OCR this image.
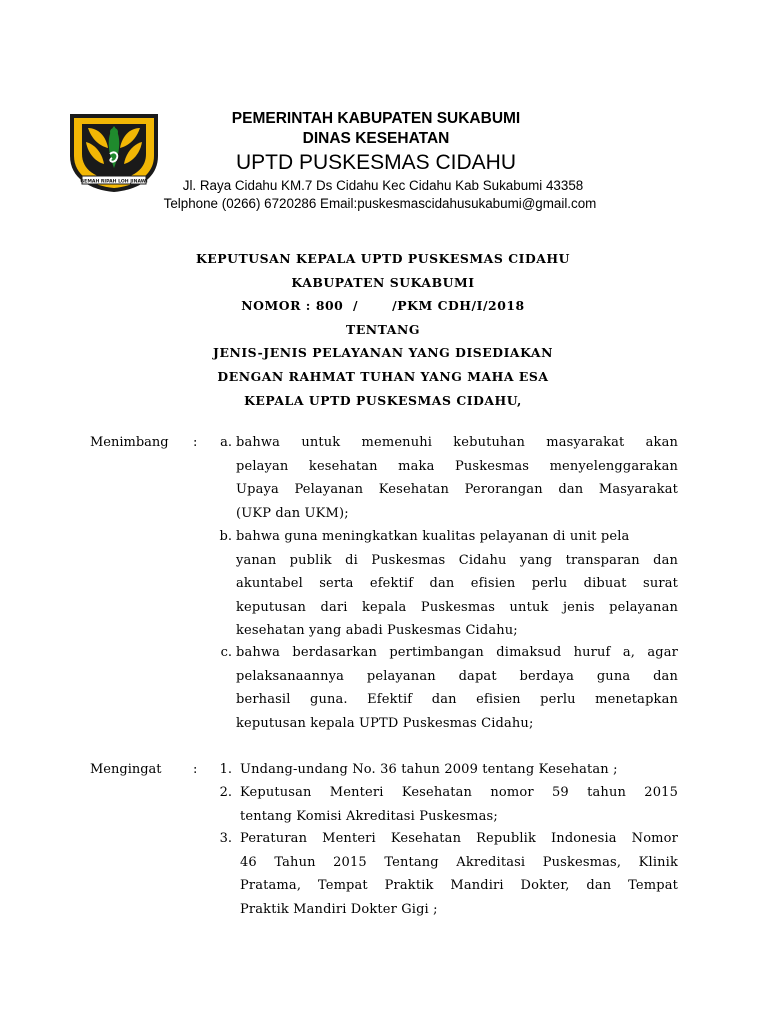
GEMAH RIPAH LOH JINAWI
PEMERINTAH KABUPATEN SUKABUMI
DINAS KESEHATAN
UPTD PUSKESMAS CIDAHU
Jl. Raya Cidahu KM.7 Ds Cidahu Kec Cidahu Kab Sukabumi 43358
Telphone (0266) 6720286 Email:puskesmascidahusukabumi@gmail.com
KEPUTUSAN KEPALA UPTD PUSKESMAS CIDAHU
KABUPATEN SUKABUMI
NOMOR : 800  /       /PKM CDH/I/2018
TENTANG
JENIS-JENIS PELAYANAN YANG DISEDIAKAN
DENGAN RAHMAT TUHAN YANG MAHA ESA
KEPALA UPTD PUSKESMAS CIDAHU,
Menimbang :	a. bahwa untuk memenuhi kebutuhan masyarakat akan
pelayan kesehatan maka Puskesmas menyelenggarakan
Upaya Pelayanan Kesehatan Perorangan dan Masyarakat
(UKP dan UKM);
b. bahwa guna meningkatkan kualitas pelayanan di unit pela
yanan publik di Puskesmas Cidahu yang transparan dan
akuntabel serta efektif dan efisien perlu dibuat surat
keputusan dari kepala Puskesmas untuk jenis pelayanan
kesehatan yang abadi Puskesmas Cidahu;
c. bahwa berdasarkan pertimbangan dimaksud huruf a, agar
pelaksanaannya pelayanan dapat berdaya guna dan
berhasil guna. Efektif dan efisien perlu menetapkan
keputusan kepala UPTD Puskesmas Cidahu;
Mengingat :	1. Undang-undang No. 36 tahun 2009 tentang Kesehatan ;
2. Keputusan Menteri Kesehatan nomor 59 tahun 2015
tentang Komisi Akreditasi Puskesmas;
3. Peraturan Menteri Kesehatan Republik Indonesia Nomor
46 Tahun 2015 Tentang Akreditasi Puskesmas, Klinik
Pratama, Tempat Praktik Mandiri Dokter, dan Tempat
Praktik Mandiri Dokter Gigi ;
